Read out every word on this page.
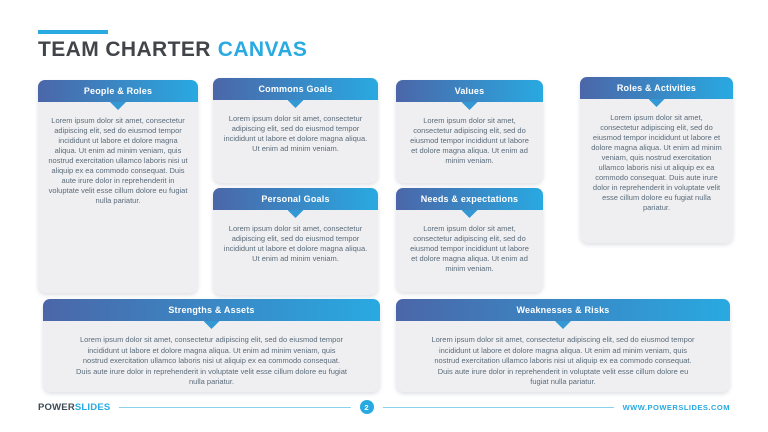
TEAM CHARTER CANVAS
People & Roles
Lorem ipsum dolor sit amet, consectetur adipiscing elit, sed do eiusmod tempor incididunt ut labore et dolore magna aliqua. Ut enim ad minim veniam, quis nostrud exercitation ullamco laboris nisi ut aliquip ex ea commodo consequat. Duis aute irure dolor in reprehenderit in voluptate velit esse cillum dolore eu fugiat nulla pariatur.
Commons Goals
Lorem ipsum dolor sit amet, consectetur adipiscing elit, sed do eiusmod tempor incididunt ut labore et dolore magna aliqua. Ut enim ad minim veniam.
Personal Goals
Lorem ipsum dolor sit amet, consectetur adipiscing elit, sed do eiusmod tempor incididunt ut labore et dolore magna aliqua. Ut enim ad minim veniam.
Values
Lorem ipsum dolor sit amet, consectetur adipiscing elit, sed do eiusmod tempor incididunt ut labore et dolore magna aliqua. Ut enim ad minim veniam.
Needs & expectations
Lorem ipsum dolor sit amet, consectetur adipiscing elit, sed do eiusmod tempor incididunt ut labore et dolore magna aliqua. Ut enim ad minim veniam.
Roles & Activities
Lorem ipsum dolor sit amet, consectetur adipiscing elit, sed do eiusmod tempor incididunt ut labore et dolore magna aliqua. Ut enim ad minim veniam, quis nostrud exercitation ullamco laboris nisi ut aliquip ex ea commodo consequat. Duis aute irure dolor in reprehenderit in voluptate velit esse cillum dolore eu fugiat nulla pariatur.
Strengths & Assets
Lorem ipsum dolor sit amet, consectetur adipiscing elit, sed do eiusmod tempor incididunt ut labore et dolore magna aliqua. Ut enim ad minim veniam, quis nostrud exercitation ullamco laboris nisi ut aliquip ex ea commodo consequat. Duis aute irure dolor in reprehenderit in voluptate velit esse cillum dolore eu fugiat nulla pariatur.
Weaknesses & Risks
Lorem ipsum dolor sit amet, consectetur adipiscing elit, sed do eiusmod tempor incididunt ut labore et dolore magna aliqua. Ut enim ad minim veniam, quis nostrud exercitation ullamco laboris nisi ut aliquip ex ea commodo consequat. Duis aute irure dolor in reprehenderit in voluptate velit esse cillum dolore eu fugiat nulla pariatur.
POWERSLIDES	2	WWW.POWERSLIDES.COM
